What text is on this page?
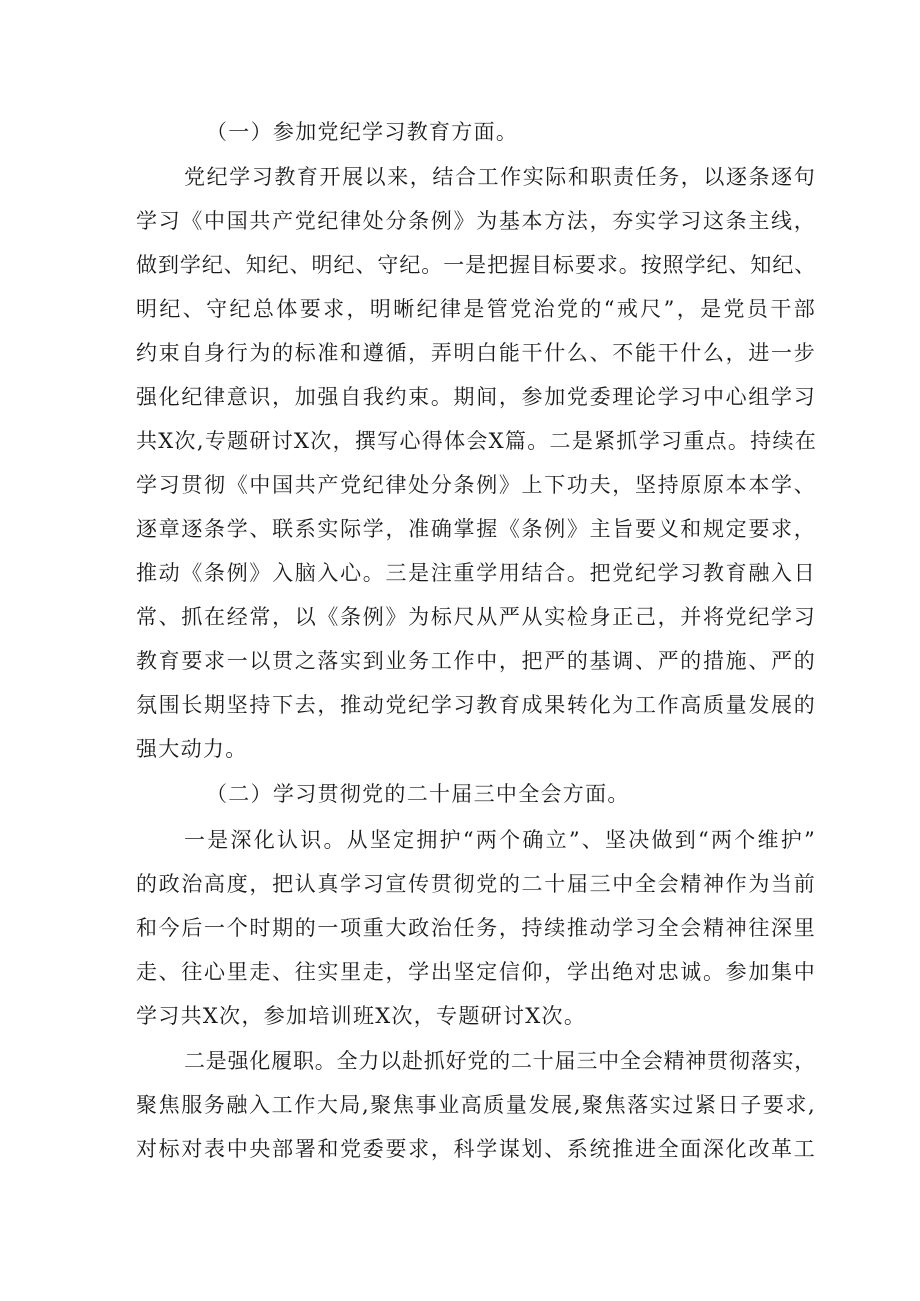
（一）参加党纪学习教育方面。
党纪学习教育开展以来，结合工作实际和职责任务，以逐条逐句
学习《中国共产党纪律处分条例》为基本方法，夯实学习这条主线，
做到学纪、知纪、明纪、守纪。一是把握目标要求。按照学纪、知纪、
明纪、守纪总体要求，明晰纪律是管党治党的“戒尺”，是党员干部
约束自身行为的标准和遵循，弄明白能干什么、不能干什么，进一步
强化纪律意识，加强自我约束。期间，参加党委理论学习中心组学习
共X次,专题研讨X次，撰写心得体会X篇。二是紧抓学习重点。持续在
学习贯彻《中国共产党纪律处分条例》上下功夫，坚持原原本本学、
逐章逐条学、联系实际学，准确掌握《条例》主旨要义和规定要求，
推动《条例》入脑入心。三是注重学用结合。把党纪学习教育融入日
常、抓在经常，以《条例》为标尺从严从实检身正己，并将党纪学习
教育要求一以贯之落实到业务工作中，把严的基调、严的措施、严的
氛围长期坚持下去，推动党纪学习教育成果转化为工作高质量发展的
强大动力。
（二）学习贯彻党的二十届三中全会方面。
一是深化认识。从坚定拥护“两个确立”、坚决做到“两个维护”
的政治高度，把认真学习宣传贯彻党的二十届三中全会精神作为当前
和今后一个时期的一项重大政治任务，持续推动学习全会精神往深里
走、往心里走、往实里走，学出坚定信仰，学出绝对忠诚。参加集中
学习共X次，参加培训班X次，专题研讨X次。
二是强化履职。全力以赴抓好党的二十届三中全会精神贯彻落实，
聚焦服务融入工作大局,聚焦事业高质量发展,聚焦落实过紧日子要求,
对标对表中央部署和党委要求，科学谋划、系统推进全面深化改革工
